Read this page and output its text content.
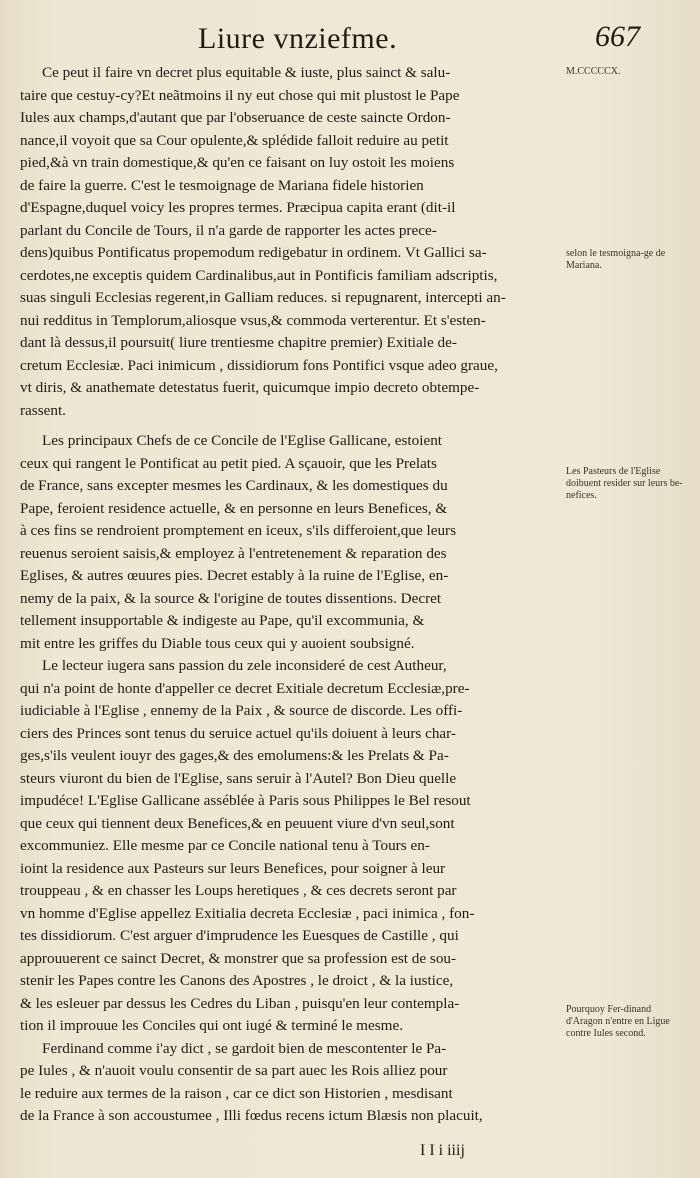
Liure vnziefme.	667

Ce peut il faire vn decret plus equitable & iuste, plus sainct & salu-
taire que cestuy-cy?Et neãtmoins il ny eut chose qui mit plustost le Pape
Iules aux champs,d'autant que par l'obseruance de ceste saincte Ordon-
nance,il voyoit que sa Cour opulente,& splédide falloit reduire au petit
pied,&à vn train domestique,& qu'en ce faisant on luy ostoit les moiens
de faire la guerre. C'est le tesmoignage de Mariana fidele historien
d'Espagne,duquel voicy les propres termes. Præcipua capita erant (dit-il
parlant du Concile de Tours, il n'a garde de rapporter les actes prece-
dens)quibus Pontificatus propemodum redigebatur in ordinem. Vt Gallici sa-
cerdotes,ne exceptis quidem Cardinalibus,aut in Pontificis familiam adscriptis,
suas singuli Ecclesias regerent,in Galliam reduces. si repugnarent, intercepti an-
nui redditus in Templorum,aliosque vsus,& commoda verterentur. Et s'esten-
dant là dessus,il poursuit( liure trentiesme chapitre premier) Exitiale de-
cretum Ecclesiæ. Paci inimicum , dissidiorum fons Pontifici vsque adeo graue,
vt diris, & anathemate detestatus fuerit, quicumque impio decreto obtempe-
rassent.

Les principaux Chefs de ce Concile de l'Eglise Gallicane, estoient
ceux qui rangent le Pontificat au petit pied. A sçauoir, que les Prelats
de France, sans excepter mesmes les Cardinaux, & les domestiques du
Pape, feroient residence actuelle, & en personne en leurs Benefices, &
à ces fins se rendroient promptement en iceux, s'ils differoient,que leurs
reuenus seroient saisis,& employez à l'entretenement & reparation des
Eglises, & autres œuures pies. Decret estably à la ruine de l'Eglise, en-
nemy de la paix, & la source & l'origine de toutes dissentions. Decret
tellement insupportable & indigeste au Pape, qu'il excommunia, &
mit entre les griffes du Diable tous ceux qui y auoient soubsigné.

Le lecteur iugera sans passion du zele inconsideré de cest Autheur,
qui n'a point de honte d'appeller ce decret Exitiale decretum Ecclesiæ,pre-
iudiciable à l'Eglise , ennemy de la Paix , & source de discorde. Les offi-
ciers des Princes sont tenus du seruice actuel qu'ils doiuent à leurs char-
ges,s'ils veulent iouyr des gages,& des emolumens:& les Prelats & Pa-
steurs viuront du bien de l'Eglise, sans seruir à l'Autel? Bon Dieu quelle
impudéce! L'Eglise Gallicane asséblée à Paris sous Philippes le Bel resout
que ceux qui tiennent deux Benefices,& en peuuent viure d'vn seul,sont
excommuniez. Elle mesme par ce Concile national tenu à Tours en-
ioint la residence aux Pasteurs sur leurs Benefices, pour soigner à leur
trouppeau , & en chasser les Loups heretiques , & ces decrets seront par
vn homme d'Eglise appellez Exitialia decreta Ecclesiæ , paci inimica , fon-
tes dissidiorum. C'est arguer d'imprudence les Euesques de Castille , qui
approuuerent ce sainct Decret, & monstrer que sa profession est de sou-
stenir les Papes contre les Canons des Apostres , le droict , & la iustice,
& les esleuer par dessus les Cedres du Liban , puisqu'en leur contempla-
tion il improuue les Conciles qui ont iugé & terminé le mesme.

Ferdinand comme i'ay dict , se gardoit bien de mescontenter le Pa-
pe Iules , & n'auoit voulu consentir de sa part auec les Rois alliez pour
le reduire aux termes de la raison , car ce dict son Historien , mesdisant
de la France à son accoustumee , Illi fœdus recens ictum Blæsis non placuit,

M.CCCCCX.
selon le tesmoigna-ge de Mariana.
Les Pasteurs de l'Eglise doibuent resider sur leurs be-nefices.
Pourquoy Fer-dinand d'Aragon n'entre en Ligue contre Iules second.
I I i iiij
